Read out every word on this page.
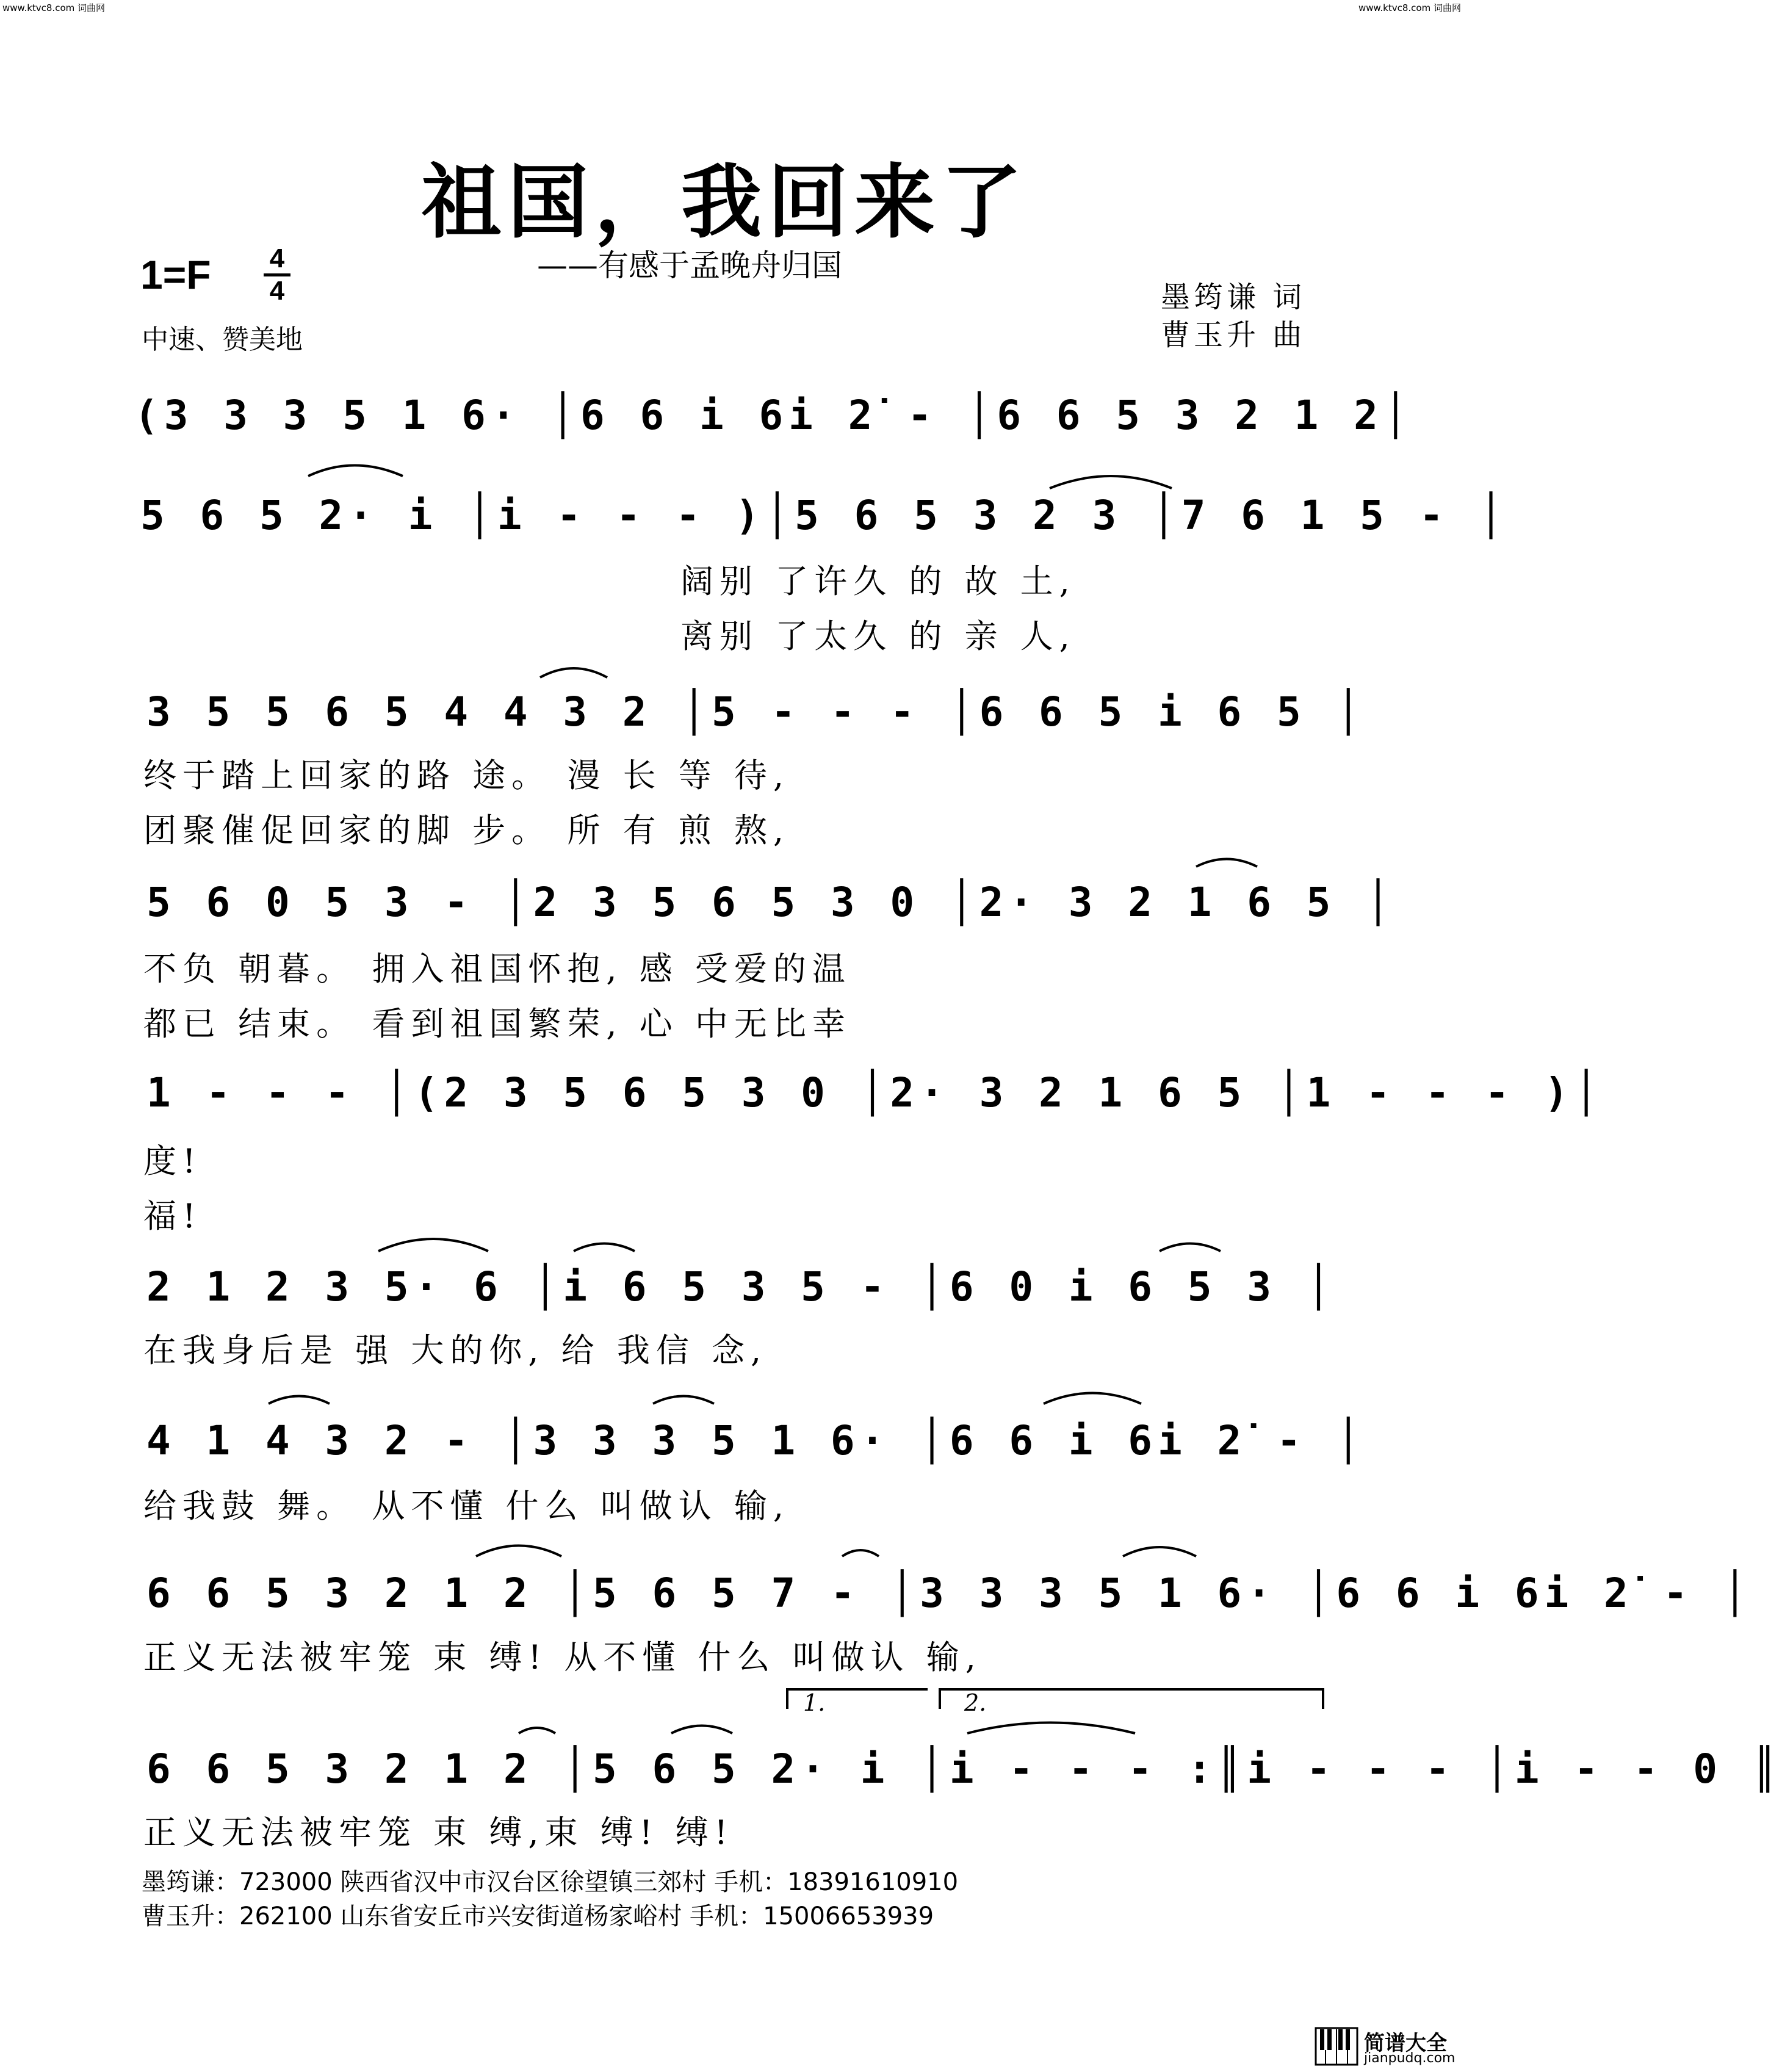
www.ktvc8.com 词曲网	www.ktvc8.com 词曲网
祖国，我回来了
——有感于孟晚舟归国
1=F 4
4
中速、赞美地
墨筠谦 词
曹玉升 曲
(3 3 3 5 1 6· │6 6 i 6i 2̇ - │6 6 5 3 2 1 2│
5 6 5 2· i │i - - - )│5 6 5 3 2 3 │7 6 1 5 - │
阔别 了许久 的 故 土,
离别 了太久 的 亲 人,
3 5 5 6 5 4 4 3 2 │5 - - - │6 6 5 i 6 5 │
终于踏上回家的路 途。 漫 长 等 待,
团聚催促回家的脚 步。 所 有 煎 熬,
5 6 0 5 3 - │2 3 5 6 5 3 0 │2· 3 2 1 6 5 │
不负 朝暮。 拥入祖国怀抱, 感 受爱的温
都已 结束。 看到祖国繁荣, 心 中无比幸
1 - - - │(2 3 5 6 5 3 0 │2· 3 2 1 6 5 │1 - - - )│
度!
福!
2 1 2 3 5· 6 │i 6 5 3 5 - │6 0 i 6 5 3 │
在我身后是 强 大的你, 给 我信 念,
4 1 4 3 2 - │3 3 3 5 1 6· │6 6 i 6i 2̇ - │
给我鼓 舞。 从不懂 什么 叫做认 输,
6 6 5 3 2 1 2 │5 6 5 7 - │3 3 3 5 1 6· │6 6 i 6i 2̇ - │
正义无法被牢笼 束 缚! 从不懂 什么 叫做认 输,
1.	2.
6 6 5 3 2 1 2 │5 6 5 2· i │i - - - :║i - - - │i - - 0 ║
正义无法被牢笼 束 缚,束 缚! 缚!
墨筠谦：723000 陕西省汉中市汉台区徐望镇三郊村 手机：18391610910
曹玉升：262100 山东省安丘市兴安街道杨家峪村 手机：15006653939
简谱大全
jianpudq.com
